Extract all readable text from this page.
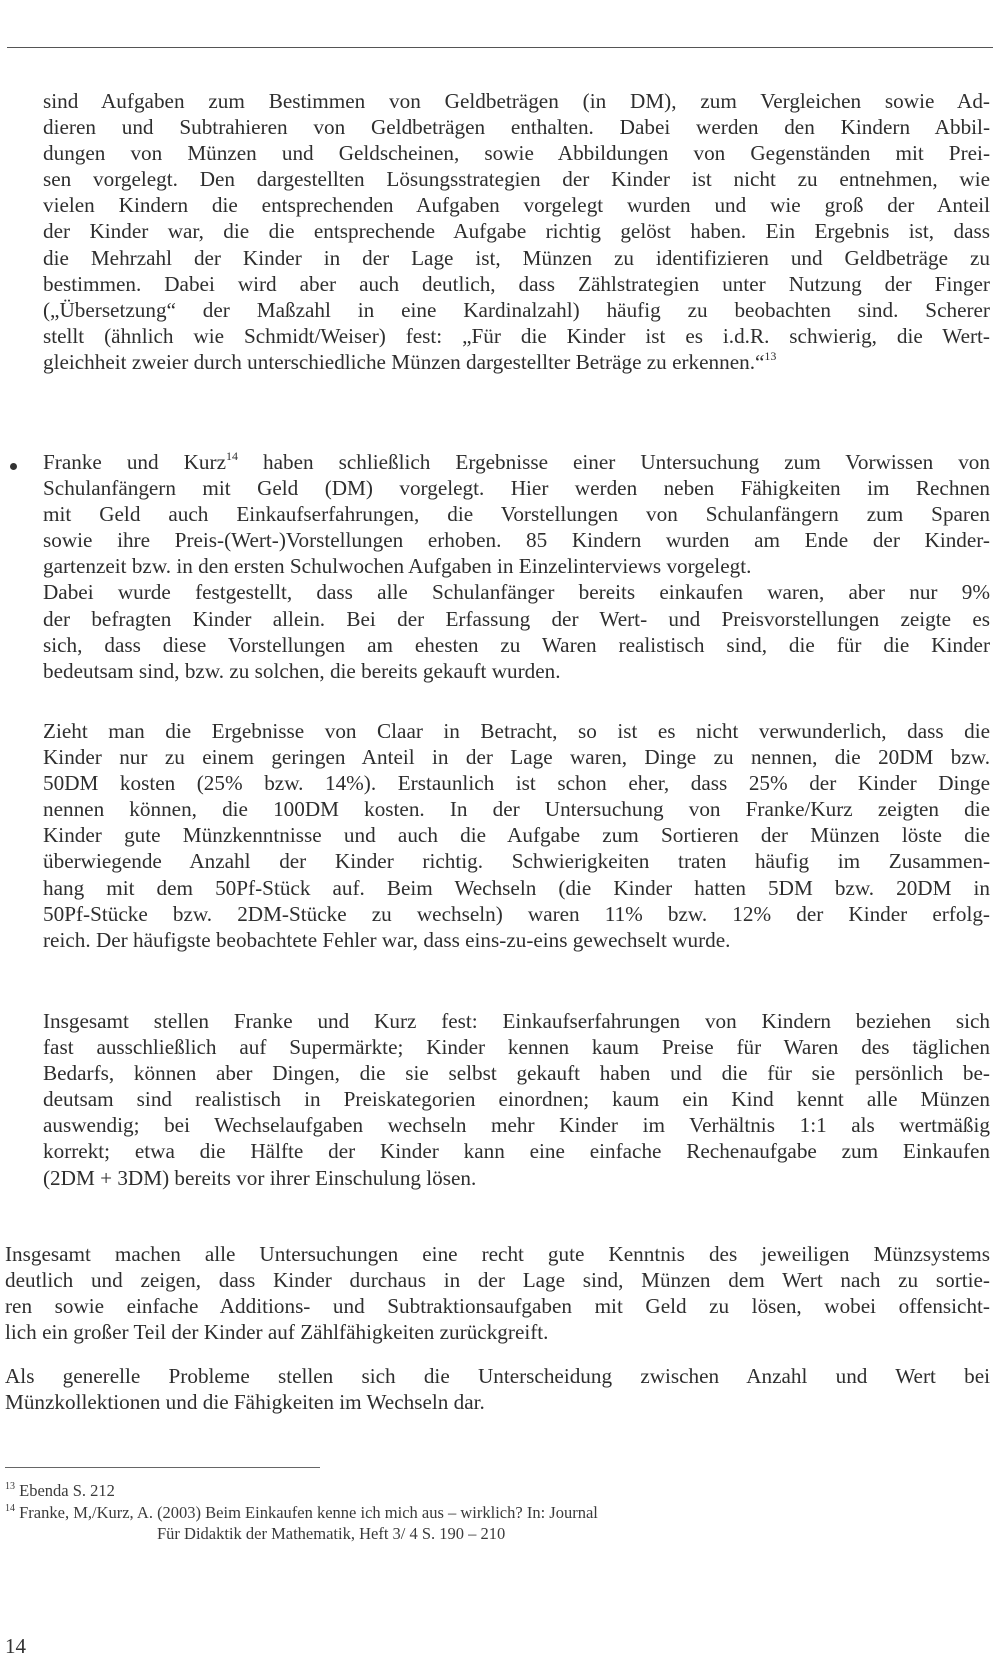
sind Aufgaben zum Bestimmen von Geldbeträgen (in DM), zum Vergleichen sowie Ad-
dieren und Subtrahieren von Geldbeträgen enthalten. Dabei werden den Kindern Abbil-
dungen von Münzen und Geldscheinen, sowie Abbildungen von Gegenständen mit Prei-
sen vorgelegt. Den dargestellten Lösungsstrategien der Kinder ist nicht zu entnehmen, wie
vielen Kindern die entsprechenden Aufgaben vorgelegt wurden und wie groß der Anteil
der Kinder war, die die entsprechende Aufgabe richtig gelöst haben. Ein Ergebnis ist, dass
die Mehrzahl der Kinder in der Lage ist, Münzen zu identifizieren und Geldbeträge zu
bestimmen. Dabei wird aber auch deutlich, dass Zählstrategien unter Nutzung der Finger
(„Übersetzung“ der Maßzahl in eine Kardinalzahl) häufig zu beobachten sind. Scherer
stellt (ähnlich wie Schmidt/Weiser) fest: „Für die Kinder ist es i.d.R. schwierig, die Wert-
gleichheit zweier durch unterschiedliche Münzen dargestellter Beträge zu erkennen.“$^{13}$
Franke und Kurz$^{14}$ haben schließlich Ergebnisse einer Untersuchung zum Vorwissen von
Schulanfängern mit Geld (DM) vorgelegt. Hier werden neben Fähigkeiten im Rechnen
mit Geld auch Einkaufserfahrungen, die Vorstellungen von Schulanfängern zum Sparen
sowie ihre Preis-(Wert-)Vorstellungen erhoben. 85 Kindern wurden am Ende der Kinder-
gartenzeit bzw. in den ersten Schulwochen Aufgaben in Einzelinterviews vorgelegt.
Dabei wurde festgestellt, dass alle Schulanfänger bereits einkaufen waren, aber nur 9%
der befragten Kinder allein. Bei der Erfassung der Wert- und Preisvorstellungen zeigte es
sich, dass diese Vorstellungen am ehesten zu Waren realistisch sind, die für die Kinder
bedeutsam sind, bzw. zu solchen, die bereits gekauft wurden.
Zieht man die Ergebnisse von Claar in Betracht, so ist es nicht verwunderlich, dass die
Kinder nur zu einem geringen Anteil in der Lage waren, Dinge zu nennen, die 20DM bzw.
50DM kosten (25% bzw. 14%). Erstaunlich ist schon eher, dass 25% der Kinder Dinge
nennen können, die 100DM kosten. In der Untersuchung von Franke/Kurz zeigten die
Kinder gute Münzkenntnisse und auch die Aufgabe zum Sortieren der Münzen löste die
überwiegende Anzahl der Kinder richtig. Schwierigkeiten traten häufig im Zusammen-
hang mit dem 50Pf-Stück auf. Beim Wechseln (die Kinder hatten 5DM bzw. 20DM in
50Pf-Stücke bzw. 2DM-Stücke zu wechseln) waren 11% bzw. 12% der Kinder erfolg-
reich. Der häufigste beobachtete Fehler war, dass eins-zu-eins gewechselt wurde.
Insgesamt stellen Franke und Kurz fest: Einkaufserfahrungen von Kindern beziehen sich
fast ausschließlich auf Supermärkte; Kinder kennen kaum Preise für Waren des täglichen
Bedarfs, können aber Dingen, die sie selbst gekauft haben und die für sie persönlich be-
deutsam sind realistisch in Preiskategorien einordnen; kaum ein Kind kennt alle Münzen
auswendig; bei Wechselaufgaben wechseln mehr Kinder im Verhältnis 1:1 als wertmäßig
korrekt; etwa die Hälfte der Kinder kann eine einfache Rechenaufgabe zum Einkaufen
(2DM + 3DM) bereits vor ihrer Einschulung lösen.
Insgesamt machen alle Untersuchungen eine recht gute Kenntnis des jeweiligen Münzsystems
deutlich und zeigen, dass Kinder durchaus in der Lage sind, Münzen dem Wert nach zu sortie-
ren sowie einfache Additions- und Subtraktionsaufgaben mit Geld zu lösen, wobei offensicht-
lich ein großer Teil der Kinder auf Zählfähigkeiten zurückgreift.
Als generelle Probleme stellen sich die Unterscheidung zwischen Anzahl und Wert bei
Münzkollektionen und die Fähigkeiten im Wechseln dar.
$^{13}$ Ebenda S. 212
$^{14}$ Franke, M,/Kurz, A. (2003) Beim Einkaufen kenne ich mich aus – wirklich? In: Journal
Für Didaktik der Mathematik, Heft 3/ 4 S. 190 – 210
14
